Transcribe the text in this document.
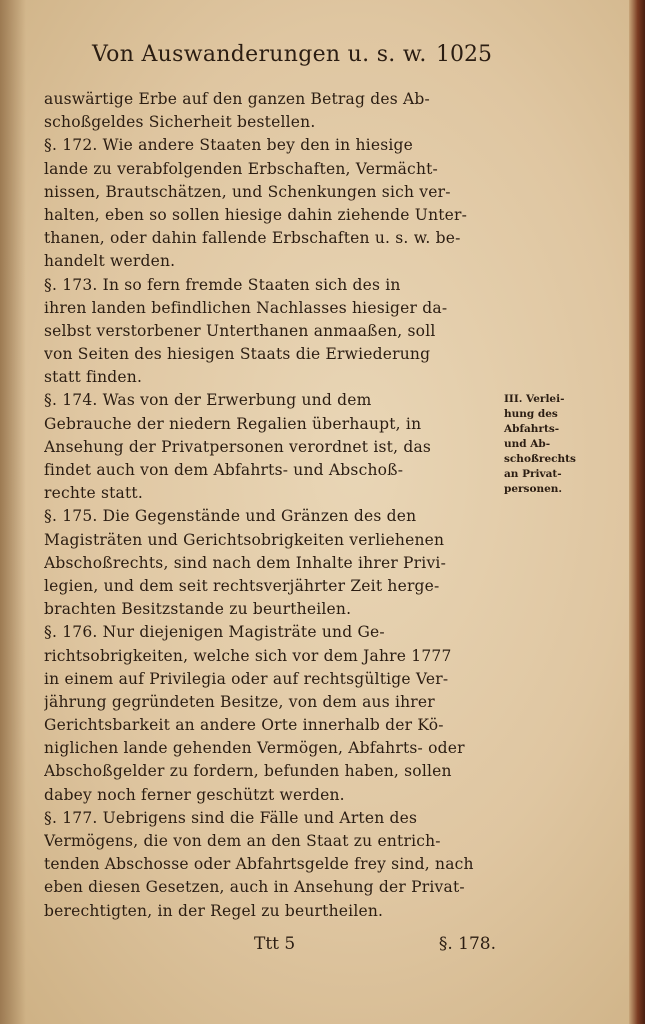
Von Auswanderungen u. s. w. 1025
auswärtige Erbe auf den ganzen Betrag des Ab-
schoßgeldes Sicherheit bestellen.
§. 172. Wie andere Staaten bey den in hiesige
lande zu verabfolgenden Erbschaften, Vermächt-
nissen, Brautschätzen, und Schenkungen sich ver-
halten, eben so sollen hiesige dahin ziehende Unter-
thanen, oder dahin fallende Erbschaften u. s. w. be-
handelt werden.
§. 173. In so fern fremde Staaten sich des in
ihren landen befindlichen Nachlasses hiesiger da-
selbst verstorbener Unterthanen anmaaßen, soll
von Seiten des hiesigen Staats die Erwiederung
statt finden.
§. 174. Was von der Erwerbung und dem
Gebrauche der niedern Regalien überhaupt, in
Ansehung der Privatpersonen verordnet ist, das
findet auch von dem Abfahrts- und Abschoß-
rechte statt.
§. 175. Die Gegenstände und Gränzen des den
Magisträten und Gerichtsobrigkeiten verliehenen
Abschoßrechts, sind nach dem Inhalte ihrer Privi-
legien, und dem seit rechtsverjährter Zeit herge-
brachten Besitzstande zu beurtheilen.
§. 176. Nur diejenigen Magisträte und Ge-
richtsobrigkeiten, welche sich vor dem Jahre 1777
in einem auf Privilegia oder auf rechtsgültige Ver-
jährung gegründeten Besitze, von dem aus ihrer
Gerichtsbarkeit an andere Orte innerhalb der Kö-
niglichen lande gehenden Vermögen, Abfahrts- oder
Abschoßgelder zu fordern, befunden haben, sollen
dabey noch ferner geschützt werden.
§. 177. Uebrigens sind die Fälle und Arten des
Vermögens, die von dem an den Staat zu entrich-
tenden Abschosse oder Abfahrtsgelde frey sind, nach
eben diesen Gesetzen, auch in Ansehung der Privat-
berechtigten, in der Regel zu beurtheilen.
III. Verlei-
hung des
Abfahrts-
und Ab-
schoßrechts
an Privat-
personen.
Ttt 5	§. 178.
